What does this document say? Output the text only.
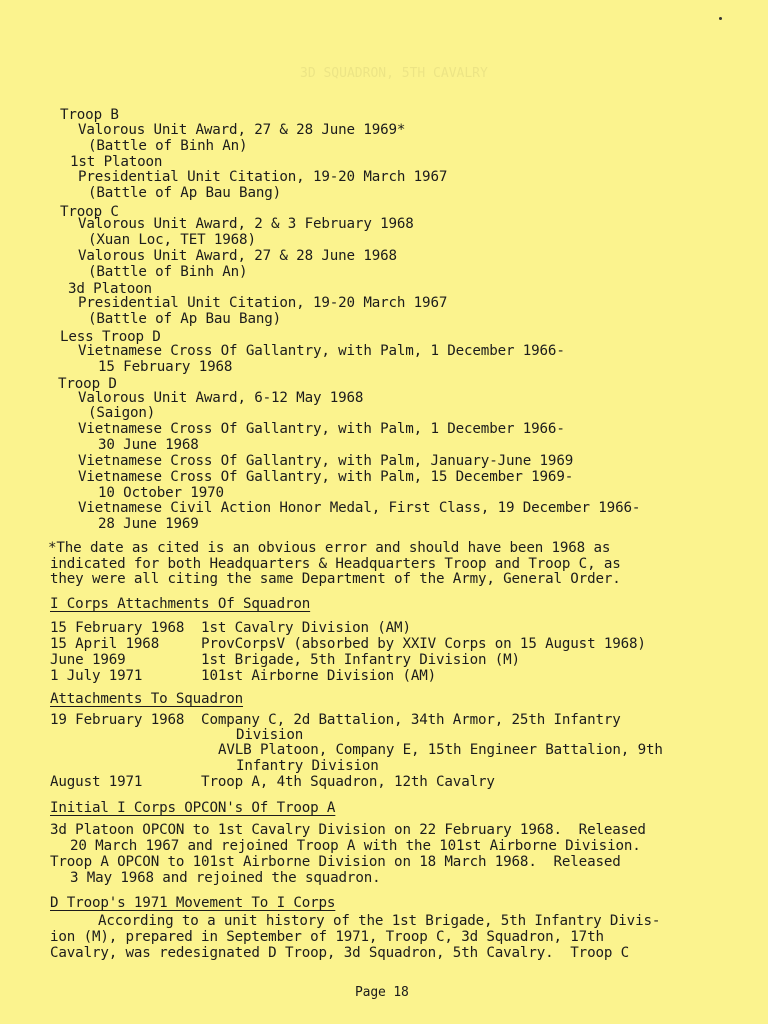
3D SQUADRON, 5TH CAVALRY
Troop B
Valorous Unit Award, 27 & 28 June 1969*
(Battle of Binh An)
1st Platoon
Presidential Unit Citation, 19-20 March 1967
(Battle of Ap Bau Bang)
Troop C
Valorous Unit Award, 2 & 3 February 1968
(Xuan Loc, TET 1968)
Valorous Unit Award, 27 & 28 June 1968
(Battle of Binh An)
3d Platoon
Presidential Unit Citation, 19-20 March 1967
(Battle of Ap Bau Bang)
Less Troop D
Vietnamese Cross Of Gallantry, with Palm, 1 December 1966-
15 February 1968
Troop D
Valorous Unit Award, 6-12 May 1968
(Saigon)
Vietnamese Cross Of Gallantry, with Palm, 1 December 1966-
30 June 1968
Vietnamese Cross Of Gallantry, with Palm, January-June 1969
Vietnamese Cross Of Gallantry, with Palm, 15 December 1969-
10 October 1970
Vietnamese Civil Action Honor Medal, First Class, 19 December 1966-
28 June 1969
*The date as cited is an obvious error and should have been 1968 as
indicated for both Headquarters & Headquarters Troop and Troop C, as
they were all citing the same Department of the Army, General Order.
I Corps Attachments Of Squadron
15 February 1968  1st Cavalry Division (AM)
15 April 1968     ProvCorpsV (absorbed by XXIV Corps on 15 August 1968)
June 1969         1st Brigade, 5th Infantry Division (M)
1 July 1971       101st Airborne Division (AM)
Attachments To Squadron
19 February 1968  Company C, 2d Battalion, 34th Armor, 25th Infantry
Division
AVLB Platoon, Company E, 15th Engineer Battalion, 9th
Infantry Division
August 1971       Troop A, 4th Squadron, 12th Cavalry
Initial I Corps OPCON's Of Troop A
3d Platoon OPCON to 1st Cavalry Division on 22 February 1968.  Released
20 March 1967 and rejoined Troop A with the 101st Airborne Division.
Troop A OPCON to 101st Airborne Division on 18 March 1968.  Released
3 May 1968 and rejoined the squadron.
D Troop's 1971 Movement To I Corps
According to a unit history of the 1st Brigade, 5th Infantry Divis-
ion (M), prepared in September of 1971, Troop C, 3d Squadron, 17th
Cavalry, was redesignated D Troop, 3d Squadron, 5th Cavalry.  Troop C
Page 18
